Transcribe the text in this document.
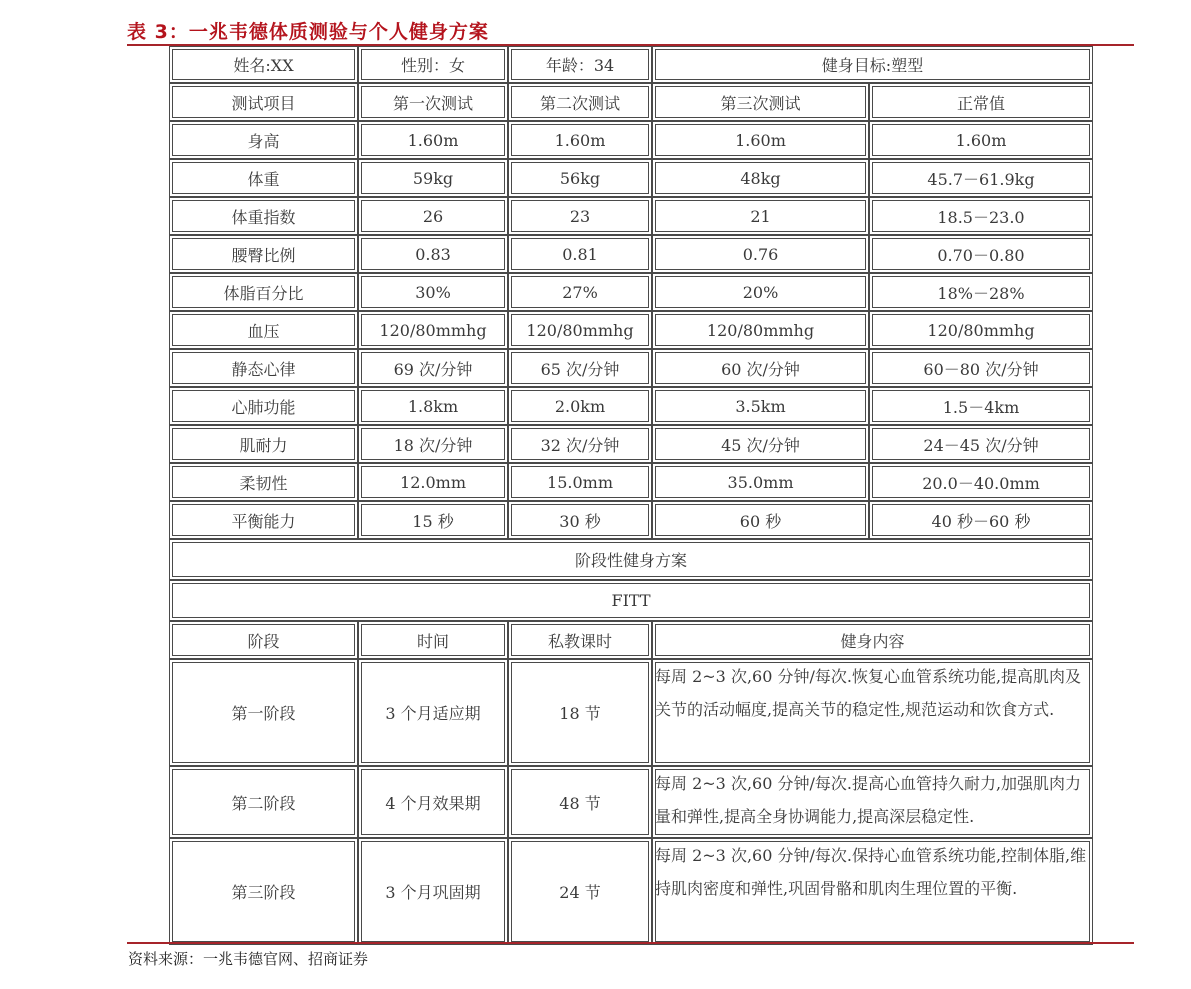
表 3：一兆韦德体质测验与个人健身方案
姓名:XX	性别：女	年龄：34	健身目标:塑型	
测试项目	第一次测试	第二次测试	第三次测试	正常值
身高	1.60m	1.60m	1.60m	1.60m
体重	59kg	56kg	48kg	45.7－61.9kg
体重指数	26	23	21	18.5－23.0
腰臀比例	0.83	0.81	0.76	0.70－0.80
体脂百分比	30%	27%	20%	18%－28%
血压	120/80mmhg	120/80mmhg	120/80mmhg	120/80mmhg
静态心律	69 次/分钟	65 次/分钟	60 次/分钟	60－80 次/分钟
心肺功能	1.8km	2.0km	3.5km	1.5－4km
肌耐力	18 次/分钟	32 次/分钟	45 次/分钟	24－45 次/分钟
柔韧性	12.0mm	15.0mm	35.0mm	20.0－40.0mm
平衡能力	15 秒	30 秒	60 秒	40 秒－60 秒
阶段性健身方案				
FITT				
阶段	时间	私教课时	健身内容	
第一阶段	3 个月适应期	18 节	每周 2~3 次,60 分钟/每次.恢复心血管系统功能,提高肌肉及关节的活动幅度,提高关节的稳定性,规范运动和饮食方式.	
第二阶段	4 个月效果期	48 节	每周 2~3 次,60 分钟/每次.提高心血管持久耐力,加强肌肉力量和弹性,提高全身协调能力,提高深层稳定性.	
第三阶段	3 个月巩固期	24 节	每周 2~3 次,60 分钟/每次.保持心血管系统功能,控制体脂,维持肌肉密度和弹性,巩固骨骼和肌肉生理位置的平衡.	
资料来源：一兆韦德官网、招商证券
